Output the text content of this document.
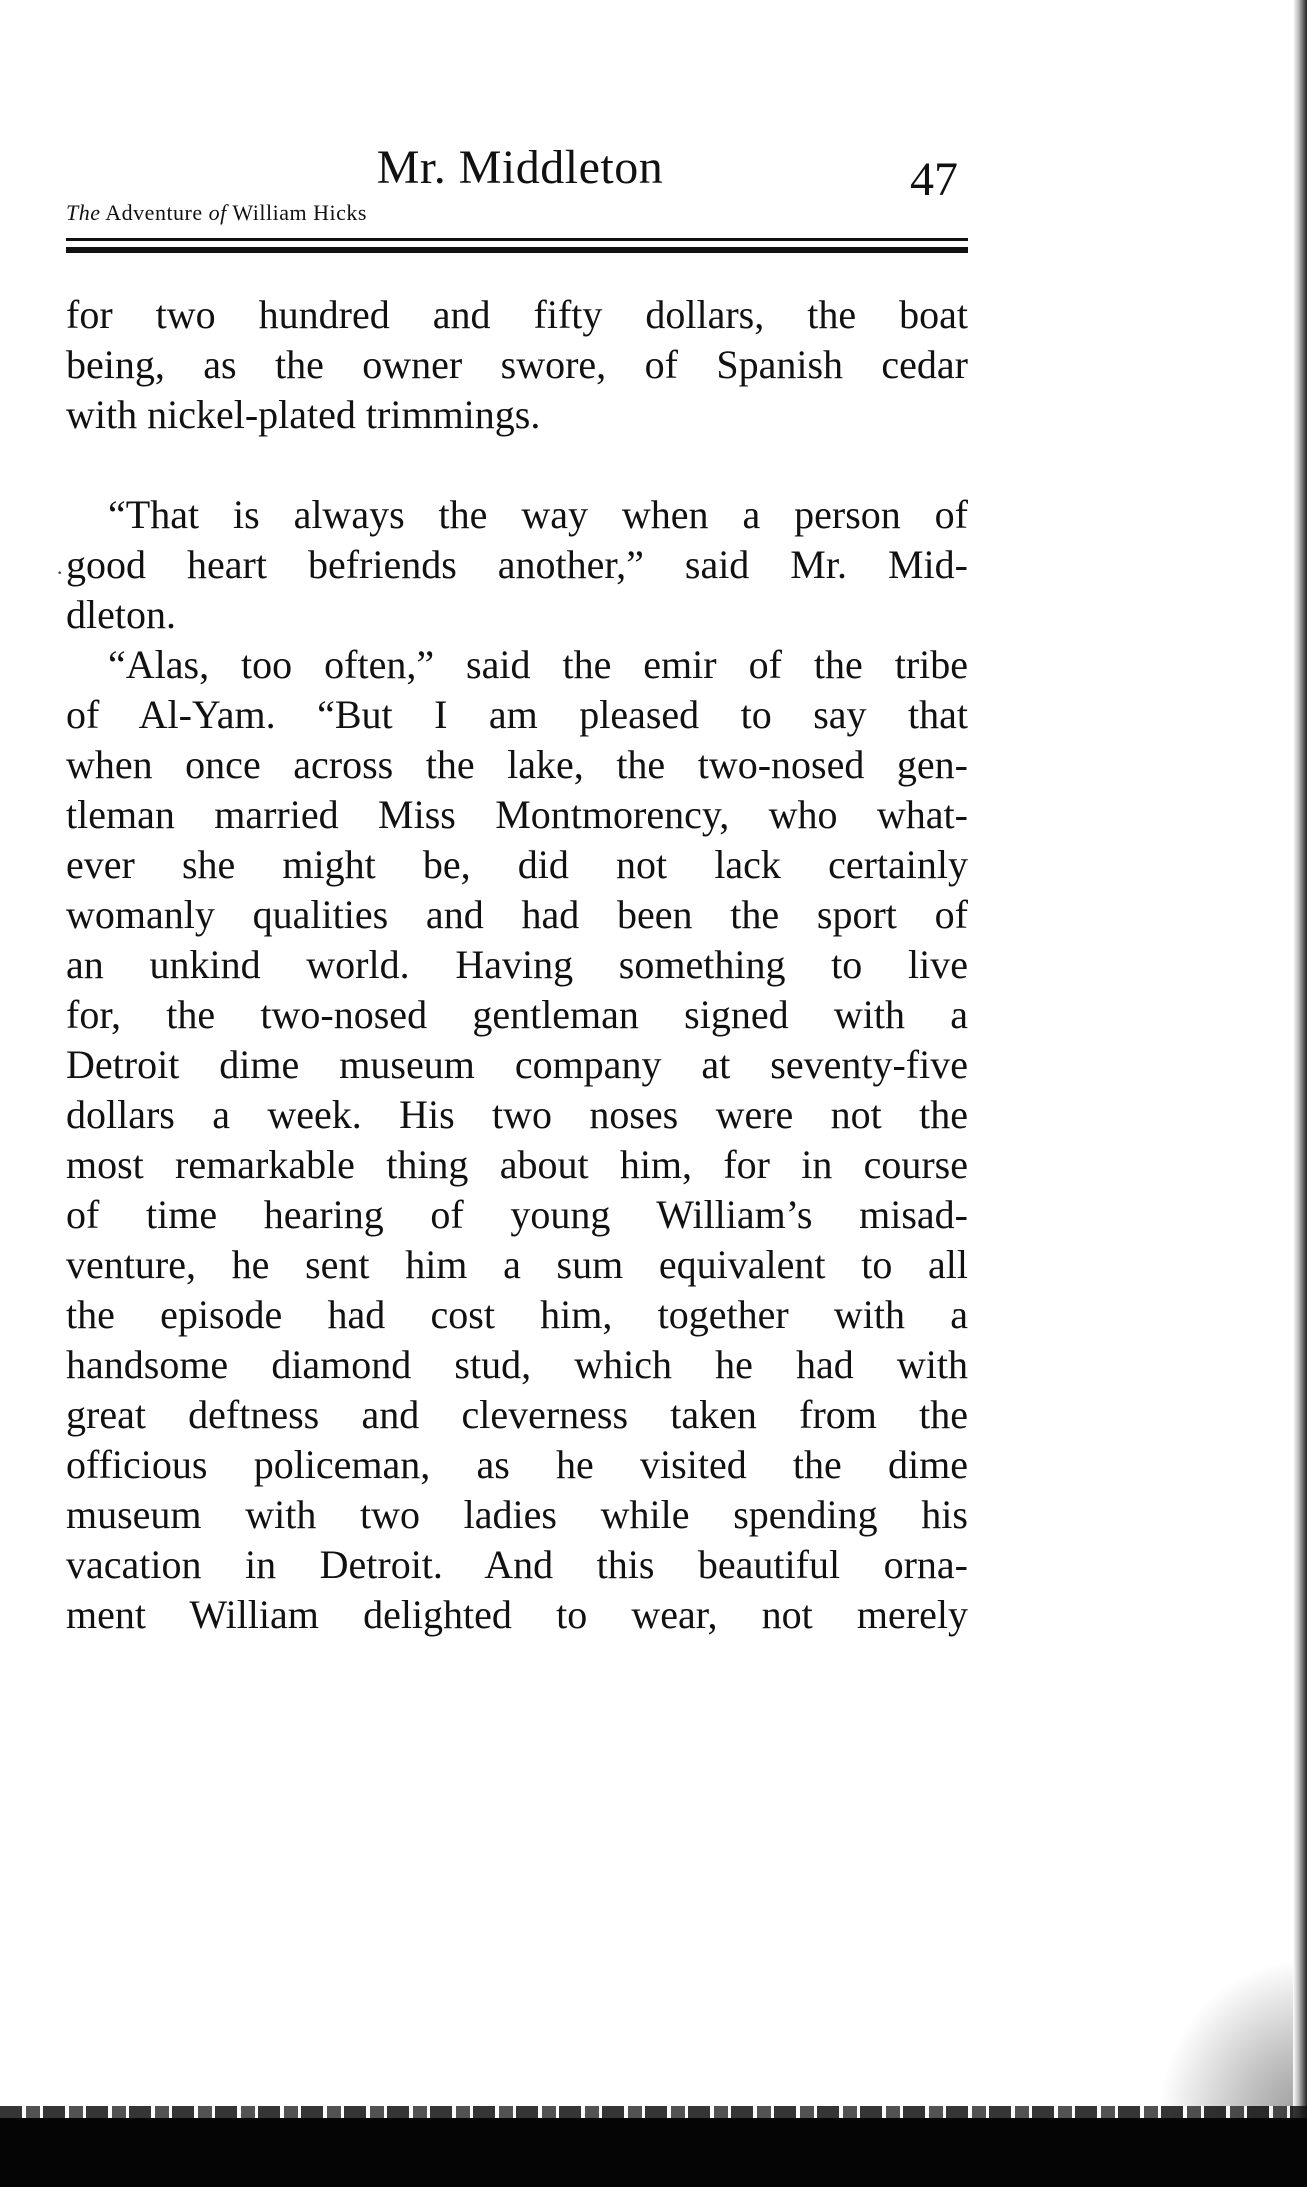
Mr. Middleton	47
The Adventure of William Hicks
for two hundred and fifty dollars, the boat
being, as the owner swore, of Spanish cedar
with nickel-plated trimmings.
“That is always the way when a person of
good heart befriends another,” said Mr. Mid-
dleton.
“Alas, too often,” said the emir of the tribe
of Al-Yam. “But I am pleased to say that
when once across the lake, the two-nosed gen-
tleman married Miss Montmorency, who what-
ever she might be, did not lack certainly
womanly qualities and had been the sport of
an unkind world. Having something to live
for, the two-nosed gentleman signed with a
Detroit dime museum company at seventy-five
dollars a week. His two noses were not the
most remarkable thing about him, for in course
of time hearing of young William’s misad-
venture, he sent him a sum equivalent to all
the episode had cost him, together with a
handsome diamond stud, which he had with
great deftness and cleverness taken from the
officious policeman, as he visited the dime
museum with two ladies while spending his
vacation in Detroit. And this beautiful orna-
ment William delighted to wear, not merely
·
